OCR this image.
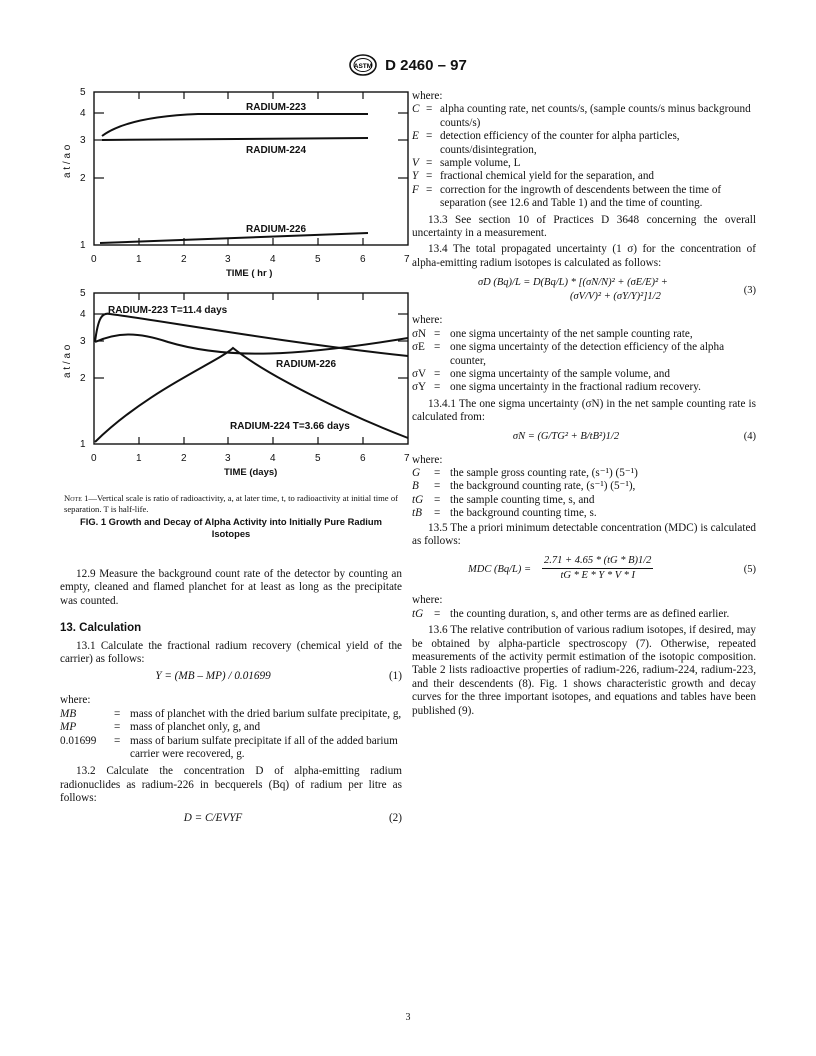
ASTM D 2460 – 97
RADIUM-223
RADIUM-224
RADIUM-226
1
2
3
4
5
a t / a o
0	1	2	3	4	5	6	7
TIME ( hr )
RADIUM-223 T=11.4 days
RADIUM-226
RADIUM-224 T=3.66 days
1
2
3
4
5
a t / a o
0	1	2	3	4	5	6	7
TIME (days)
Note 1—Vertical scale is ratio of radioactivity, a, at later time, t, to radioactivity at initial time of separation. T is half-life.
FIG. 1 Growth and Decay of Alpha Activity into Initially Pure Radium Isotopes

12.9 Measure the background count rate of the detector by counting an empty, cleaned and flamed planchet for at least as long as the precipitate was counted.

13. Calculation

13.1 Calculate the fractional radium recovery (chemical yield of the carrier) as follows:

Y = (MB – MP) / 0.01699	(1)

where:

MB	= mass of planchet with the dried barium sulfate precipitate, g,
MP	= mass of planchet only, g, and
0.01699	= mass of barium sulfate precipitate if all of the added barium carrier were recovered, g.

13.2 Calculate the concentration D of alpha-emitting radium radionuclides as radium-226 in becquerels (Bq) of radium per litre as follows:

D = C/EVYF	(2)

where:

C = alpha counting rate, net counts/s, (sample counts/s minus background counts/s)
E = detection efficiency of the counter for alpha particles, counts/disintegration,
V = sample volume, L
Y = fractional chemical yield for the separation, and
F = correction for the ingrowth of descendents between the time of separation (see 12.6 and Table 1) and the time of counting.

13.3 See section 10 of Practices D 3648 concerning the overall uncertainty in a measurement.

13.4 The total propagated uncertainty (1 σ) for the concentration of alpha-emitting radium isotopes is calculated as follows:

σD (Bq)/L = D(Bq/L) * [(σN/N)² + (σE/E)² +
(σV/V)² + (σY/Y)²]1/2
(3)

where:

σN = one sigma uncertainty of the net sample counting rate,
σE = one sigma uncertainty of the detection efficiency of the alpha counter,
σV = one sigma uncertainty of the sample volume, and
σY = one sigma uncertainty in the fractional radium recovery.

13.4.1 The one sigma uncertainty (σN) in the net sample counting rate is calculated from:

σN = (G/TG² + B/tB²)1/2	(4)

where:

G	= the sample gross counting rate, (s⁻¹) (5⁻¹)
B	= the background counting rate, (s⁻¹) (5⁻¹),
tG = the sample counting time, s, and
tB	= the background counting time, s.

13.5 The a priori minimum detectable concentration (MDC) is calculated as follows:

MDC $(Bq/L) = \frac{2.71 + 4.65 * (tG * B)1/2}{tG * E * Y * V * I}$	(5)

where:

tG = the counting duration, s, and other terms are as defined earlier.

13.6 The relative contribution of various radium isotopes, if desired, may be obtained by alpha-particle spectroscopy (7). Otherwise, repeated measurements of the activity permit estimation of the isotopic composition. Table 2 lists radioactive properties of radium-226, radium-224, radium-223, and their descendents (8). Fig. 1 shows characteristic growth and decay curves for the three important isotopes, and equations and tables have been published (9).

3
